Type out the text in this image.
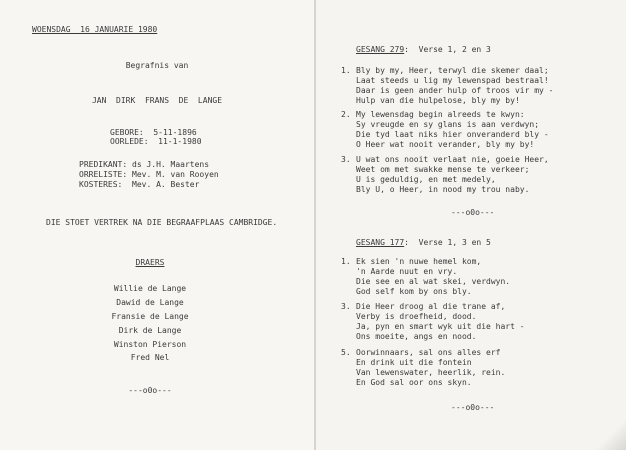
WOENSDAG  16 JANUARIE 1980
Begrafnis van
JAN  DIRK  FRANS  DE  LANGE
GEBORE:  5-11-1896
OORLEDE:  11-1-1980
PREDIKANT: ds J.H. Maartens
ORRELISTE: Mev. M. van Rooyen
KOSTERES: Mev. A. Bester
DIE STOET VERTREK NA DIE BEGRAAFPLAAS CAMBRIDGE.
DRAERS
Willie de Lange
Dawid de Lange
Fransie de Lange
Dirk de Lange
Winston Pierson
Fred Nel
---o0o---
GESANG 279:  Verse 1, 2 en 3
1. Bly by my, Heer, terwyl die skemer daal;
Laat steeds u lig my lewenspad bestraal!
Daar is geen ander hulp of troos vir my -
Hulp van die hulpelose, bly my by!
2. My lewensdag begin alreeds te kwyn:
Sy vreugde en sy glans is aan verdwyn;
Die tyd laat niks hier onveranderd bly -
O Heer wat nooit verander, bly my by!
3. U wat ons nooit verlaat nie, goeie Heer,
Weet om met swakke mense te verkeer;
U is geduldig, en met medely,
Bly U, o Heer, in nood my trou naby.
---o0o---
GESANG 177:  Verse 1, 3 en 5
1. Ek sien 'n nuwe hemel kom,
'n Aarde nuut en vry.
Die see en al wat skei, verdwyn.
God self kom by ons bly.
3. Die Heer droog al die trane af,
Verby is droefheid, dood.
Ja, pyn en smart wyk uit die hart -
Ons moeite, angs en nood.
5. Oorwinnaars, sal ons alles erf
En drink uit die fontein
Van lewenswater, heerlik, rein.
En God sal oor ons skyn.
---o0o---
